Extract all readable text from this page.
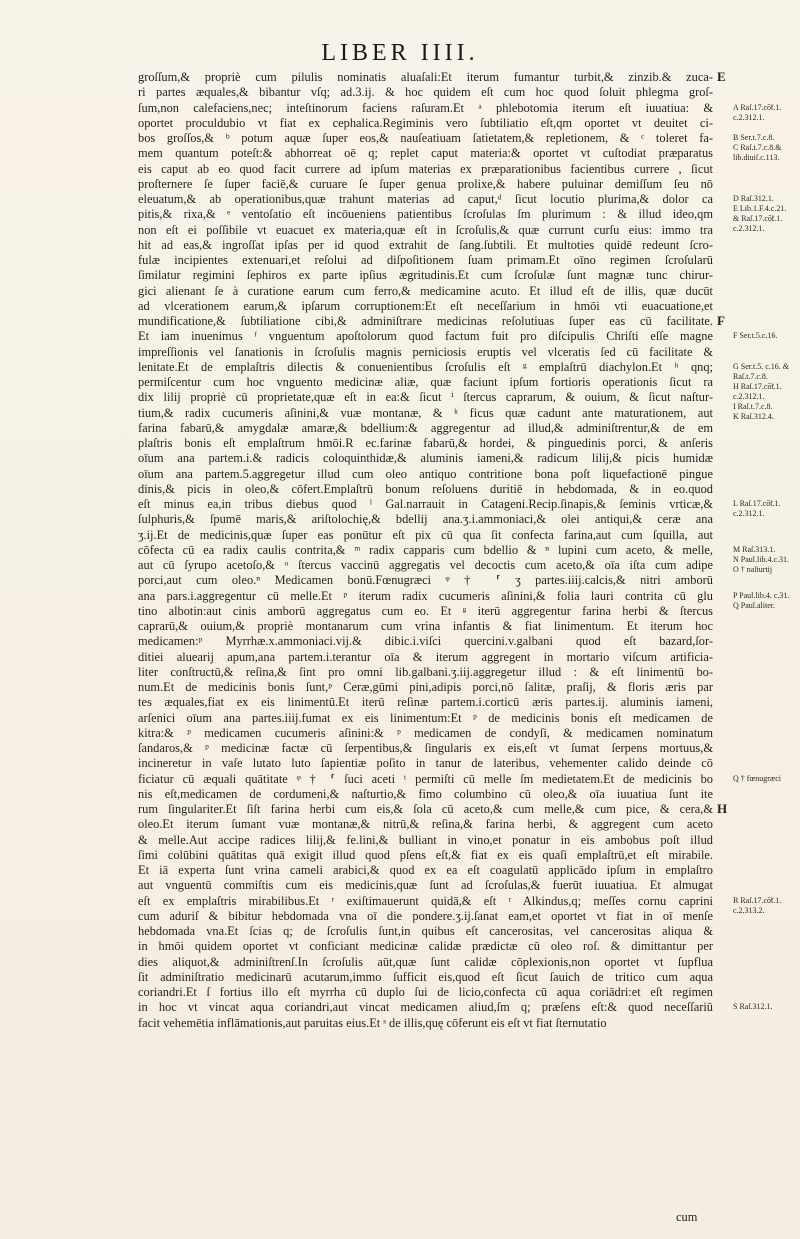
LIBER IIII.
groſſum,& propriè cum pilulis nominatis aluaſali:Et iterum fumantur turbit,& zinzib.& zuca-
ri partes æquales,& bibantur vſq; ad.3.ij. & hoc quidem eſt cum hoc quod ſoluit phlegma groſ-
ſum,non calefaciens,nec; inteſtinorum faciens raſuram.Et ᵃ phlebotomia iterum eſt iuuatiua: &
oportet proculdubio vt fiat ex cephalica.Regiminis vero ſubtiliatio eſt,qm oportet vt deuitet ci-
bos groſſos,& ᵇ potum aquæ ſuper eos,& nauſeatiuam ſatietatem,& repletionem, & ᶜ toleret fa-
mem quantum poteſt:& abhorreat oē q; replet caput materia:& oportet vt cuſtodiat præparatus
eis caput ab eo quod facit currere ad ipſum materias ex præparationibus facientibus currere , ſicut
proſternere ſe ſuper faciē,& curuare ſe ſuper genua prolixe,& habere puluinar demiſſum ſeu nō
eleuatum,& ab operationibus,quæ trahunt materias ad caput,ᵈ ſicut locutio plurima,& dolor ca
pitis,& rixa,& ᵉ ventoſatio eſt incōueniens patientibus ſcroſulas ſm plurimum : & illud ideo,qm
non eſt ei poſſibile vt euacuet ex materia,quæ eſt in ſcroſulis,& quæ currunt curſu eius: immo tra
hit ad eas,& ingroſſat ipſas per id quod extrahit de ſang.ſubtili. Et multoties quidē redeunt ſcro-
fulæ incipientes extenuari,et reſolui ad diſpoſitionem ſuam primam.Et oīno regimen ſcroſularū
ſimilatur regimini ſephiros ex parte ipſius ægritudinis.Et cum ſcroſulæ ſunt magnæ tunc chirur-
gici alienant ſe à curatione earum cum ferro,& medicamine acuto. Et illud eſt de illis, quæ ducūt
ad vlcerationem earum,& ipſarum corruptionem:Et eſt neceſſarium in hmōi vti euacuatione,et
mundificatione,& ſubtiliatione cibi,& adminiſtrare medicinas reſolutiuas ſuper eas cū facilitate.
Et iam inuenimus ᶠ vnguentum apoſtolorum quod factum fuit pro diſcipulis Chriſti eſſe magne
impreſſionis vel ſanationis in ſcroſulis magnis perniciosis eruptis vel vlceratis ſed cū facilitate &
lenitate.Et de emplaſtris dilectis & conuenientibus ſcroſulis eſt ᵍ emplaſtrū diachylon.Et ʰ qnq;
permiſcentur cum hoc vnguento medicinæ aliæ, quæ faciunt ipſum fortioris operationis ſicut ra
dix lilij propriè cū proprietate,quæ eſt in ea:& ſicut ⁱ ſtercus caprarum, & ouium, & ſicut naſtur-
tium,& radix cucumeris aſinini,& vuæ montanæ, & ᵏ ficus quæ cadunt ante maturationem, aut
farina fabarū,& amygdalæ amaræ,& bdellium:& aggregentur ad illud,& adminiſtrentur,& de em
plaſtris bonis eſt emplaſtrum hmōi.R ec.farinæ fabarū,& hordei, & pinguedinis porci, & anſeris
oīum ana partem.i.& radicis coloquinthidæ,& aluminis iameni,& radicum lilij,& picis humidæ
oīum ana partem.5.aggregetur illud cum oleo antiquo contritione bona poſt liquefactionē pingue
dinis,& picis in oleo,& cōfert.Emplaſtrū bonum reſoluens duritiē in hebdomada, & in eo.quod
eſt minus ea,in tribus diebus quod ˡ Gal.narrauit in Catageni.Recip.ſinapis,& ſeminis vrticæ,&
ſulphuris,& ſpumē maris,& ariſtolochię,& bdellij ana.ʒ.i.ammoniaci,& olei antiqui,& ceræ ana
ʒ.ij.Et de medicinis,quæ ſuper eas ponūtur eſt pix cū qua ſit confecta farina,aut cum ſquilla, aut
cōfecta cū ea radix caulis contrita,& ᵐ radix capparis cum bdellio & ⁿ lupini cum aceto, & melle,
aut cū ſyrupo acetoſo,& ᵒ ſtercus vaccinū aggregatis vel decoctis cum aceto,& oīa iſta cum adipe
porci,aut cum oleo.ⁿ Medicamen bonū.Fœnugræci ᵠ † ⸢ ʒ partes.iiij.calcis,& nitri amborū
ana pars.i.aggregentur cū melle.Et ᵖ iterum radix cucumeris aſinini,& folia lauri contrita cū glu
tino albotin:aut cinis amborū aggregatus cum eo. Et ᵍ iterū aggregentur farina herbi & ſtercus
caprarū,& ouium,& propriè montanarum cum vrina infantis & fiat linimentum. Et iterum hoc
medicamen:ᵖ Myrrhæ.x.ammoniaci.vij.& dibic.i.viſci quercini.v.galbani quod eſt bazard,ſor-
ditiei aluearij apum,ana partem.i.terantur oīa & iterum aggregent in mortario viſcum artificia-
liter conſtructū,& reſina,& ſint pro omni lib.galbani.ʒ.iij.aggregetur illud : & eſt linimentū bo-
num.Et de medicinis bonis ſunt,ᵖ Ceræ,gūmi pini,adipis porci,nō ſalitæ, praſij, & floris æris par
tes æquales,fiat ex eis linimentū.Et iterū reſinæ partem.i.corticū æris partes.ij. aluminis iameni,
arſenici oīum ana partes.iiij.fumat ex eis linimentum:Et ᵖ de medicinis bonis eſt medicamen de
kitra:& ᵖ medicamen cucumeris aſinini:& ᵖ medicamen de condyſi, & medicamen nominatum
ſandaros,& ᵖ medicinæ factæ cū ſerpentibus,& ſingularis ex eis,eſt vt ſumat ſerpens mortuus,&
incineretur in vaſe lutato luto ſapientiæ poſito in tanur de lateribus, vehementer calido deinde cō
ficiatur cū æquali quātitate ᵠ † ⸢ ſuci aceti ᵗ permiſti cū melle ſm medietatem.Et de medicinis bo
nis eſt,medicamen de cordumeni,& naſturtio,& fimo columbino cū oleo,& oīa iuuatiua ſunt ite
rum ſingulariter.Et ſiſt farina herbi cum eis,& ſola cū aceto,& cum melle,& cum pice, & cera,&
oleo.Et iterum ſumant vuæ montanæ,& nitrū,& reſina,& farina herbi, & aggregent cum aceto
& melle.Aut accipe radices lilij,& fe.lini,& bulliant in vino,et ponatur in eis ambobus poſt illud
ſimi colūbini quātitas quā exigit illud quod pſens eſt,& fiat ex eis quaſi emplaſtrū,et eſt mirabile.
Et iā experta ſunt vrina cameli arabici,& quod ex ea eſt coagulatū applicādo ipſum in emplaſtro
aut vnguentū commiſtis cum eis medicinis,quæ ſunt ad ſcroſulas,& fuerūt iuuatiua. Et almugat
eſt ex emplaſtris mirabilibus.Et ʳ exiſtimauerunt quidā,& eſt ʳ Alkindus,q; meſſes cornu caprini
cum aduriſ & bibitur hebdomada vna oī die pondere.ʒ.ij.ſanat eam,et oportet vt fiat in oī menſe
hebdomada vna.Et ſcias q; de ſcroſulis ſunt,in quibus eſt cancerositas, vel cancerositas aliqua &
in hmōi quidem oportet vt conficiant medicinæ calidæ prædictæ cū oleo roſ. & dimittantur per
dies aliquot,& adminiſtrenſ.In ſcroſulis aūt,quæ ſunt calidæ cōplexionis,non oportet vt ſupfluа
ſit adminiſtratio medicinarū acutarum,immo ſufficit eis,quod eſt ſicut ſauich de tritico cum aqua
coriandri.Et ſ fortius illo eſt myrrha cū duplo ſui de licio,confecta cū aqua coriādri:et eſt regimen
in hoc vt vincat aqua coriandri,aut vincat medicamen aliud,ſm q; præſens eſt:& quod neceſſariū
facit vehemētia inflāmationis,aut paruitas eius.Et ˢ de illis,quę cōferunt eis eſt vt fiat ſternutatio
A Raſ.17.cō̃t.1.
c.2.312.1.
B Ser.t.7.c.8.
C Raſ.t.7.c.8.&
lib.diuiſ.c.113.
D Raſ.312.1.
E Lib.1.F.4.c.21.
& Raſ.17.cō̃t.1.
c.2.312.1.
F Ser.t.5.c.16.
G Ser.t.5. c.16. &
Raſ.t.7.c.8.
H Raſ.17.cō̃t.1.
c.2.312.1.
I Raſ.t.7.c.8.
K Raſ.312.4.
L Raſ.17.cō̃t.1.
c.2.312.1.
M Raſ.313.1.
N Paul.lib.4.c.31.
O † naſturtij
P Paul.lib.4. c.31.
Q Paul.aliter.
Q † fœnugræci
R Raſ.17.cō̃t.1.
c.2.313.2.
S Raſ.312.1.
E
F
H
cum
